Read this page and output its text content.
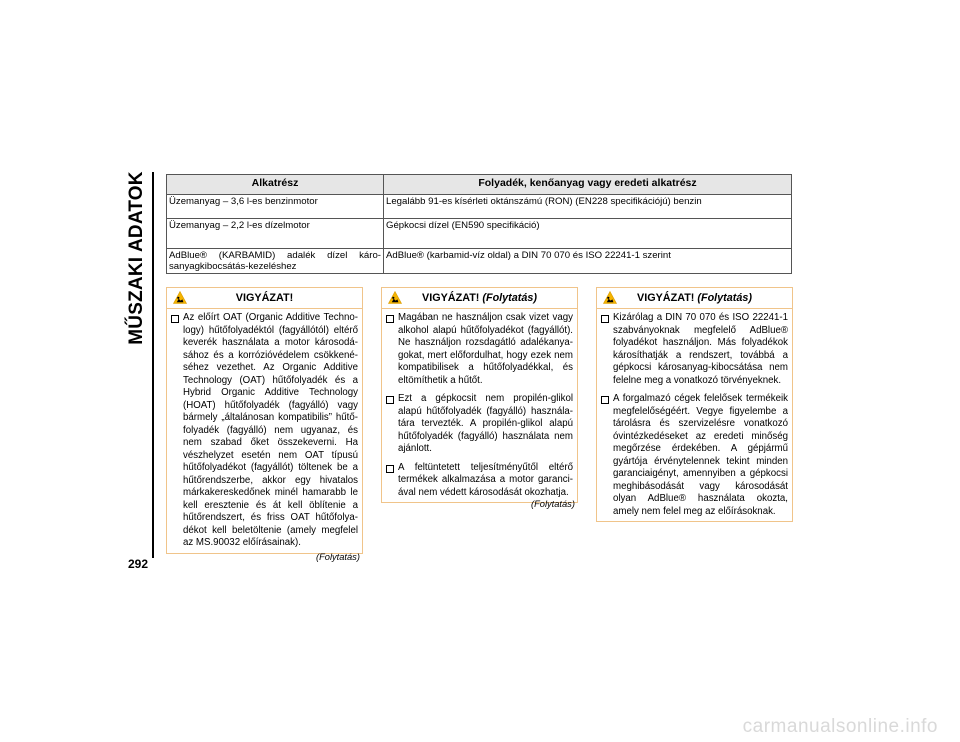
MŰSZAKI ADATOK
292
Alkatrész	Folyadék, kenőanyag vagy eredeti alkatrész
Üzemanyag – 3,6 l-es benzinmotor	Legalább 91-es kísérleti oktánszámú (RON) (EN228 specifikációjú) benzin
Üzemanyag – 2,2 l-es dízelmotor	Gépkocsi dízel (EN590 specifikáció)
AdBlue® (KARBAMID) adalék dízel káro-sanyagkibocsátás-kezeléshez	AdBlue® (karbamid-víz oldal) a DIN 70 070 és ISO 22241-1 szerint
VIGYÁZAT!
Az előírt OAT (Organic Additive Techno-logy) hűtőfolyadéktól (fagyállótól) eltérő keverék használata a motor károsodá-sához és a korrózióvédelem csökkené-séhez vezethet. Az Organic Additive Technology (OAT) hűtőfolyadék és a Hybrid Organic Additive Technology (HOAT) hűtőfolyadék (fagyálló) vagy bármely „általánosan kompatibilis” hűtő-folyadék (fagyálló) nem ugyanaz, és nem szabad őket összekeverni. Ha vészhelyzet esetén nem OAT típusú hűtőfolyadékot (fagyállót) töltenek be a hűtőrendszerbe, akkor egy hivatalos márkakereskedőnek minél hamarabb le kell eresztenie és át kell öblítenie a hűtőrendszert, és friss OAT hűtőfolya-dékot kell beletöltenie (amely megfelel az MS.90032 előírásainak).
(Folytatás)
VIGYÁZAT! (Folytatás)
Magában ne használjon csak vizet vagy alkohol alapú hűtőfolyadékot (fagyállót). Ne használjon rozsdagátló adalékanya-gokat, mert előfordulhat, hogy ezek nem kompatibilisek a hűtőfolyadékkal, és eltömíthetik a hűtőt.
Ezt a gépkocsit nem propilén-glikol alapú hűtőfolyadék (fagyálló) használa-tára tervezték. A propilén-glikol alapú hűtőfolyadék (fagyálló) használata nem ajánlott.
A feltüntetett teljesítményűtől eltérő termékek alkalmazása a motor garanci-ával nem védett károsodását okozhatja.
(Folytatás)
VIGYÁZAT! (Folytatás)
Kizárólag a DIN 70 070 és ISO 22241-1 szabványoknak megfelelő AdBlue® folyadékot használjon. Más folyadékok károsíthatják a rendszert, továbbá a gépkocsi károsanyag-kibocsátása nem felelne meg a vonatkozó törvényeknek.
A forgalmazó cégek felelősek termékeik megfelelőségéért. Vegye figyelembe a tárolásra és szervizelésre vonatkozó óvintézkedéseket az eredeti minőség megőrzése érdekében. A gépjármű gyártója érvénytelennek tekint minden garanciaigényt, amennyiben a gépkocsi meghibásodását vagy károsodását olyan AdBlue® használata okozta, amely nem felel meg az előírásoknak.
carmanualsonline.info
